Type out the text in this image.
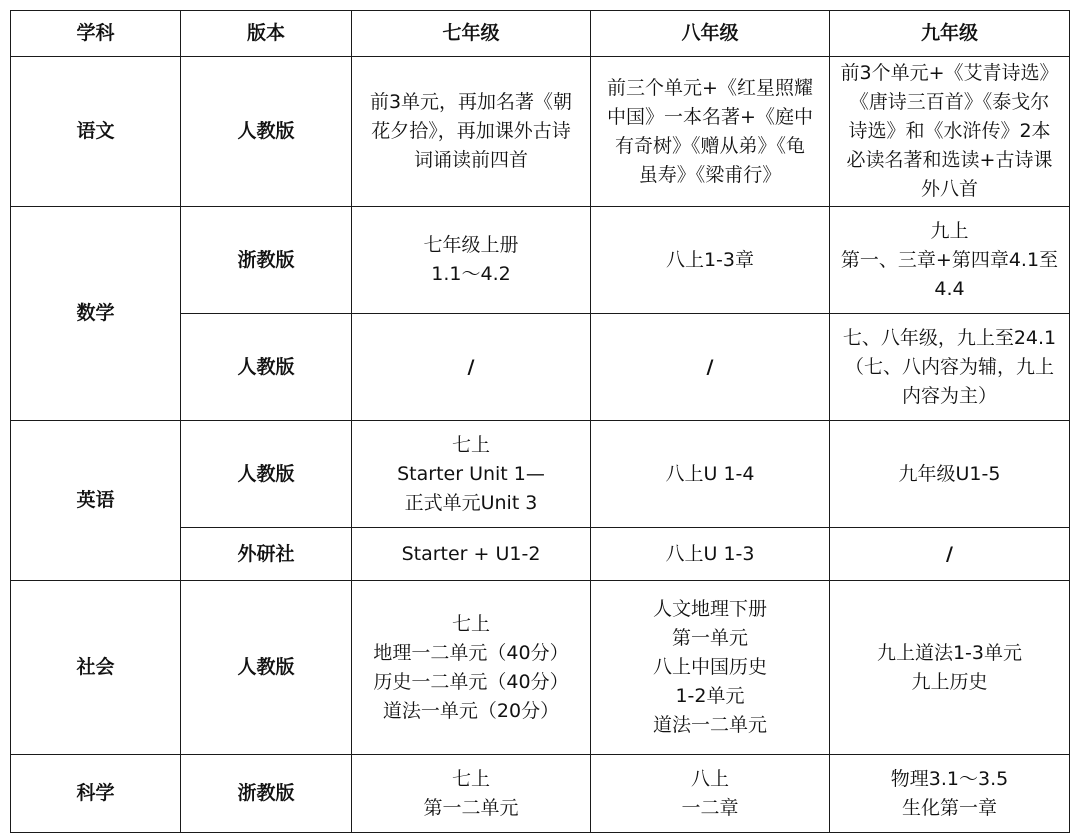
学科	版本	七年级	八年级	九年级
语文	人教版	前3单元，再加名著《朝
花夕拾》，再加课外古诗
词诵读前四首	前三个单元+《红星照耀
中国》一本名著+《庭中
有奇树》《赠从弟》《龟
虽寿》《梁甫行》	前3个单元+《艾青诗选》
《唐诗三百首》《泰戈尔
诗选》和《水浒传》2本
必读名著和选读+古诗课
外八首

数学	浙教版	七年级上册
1.1～4.2	八上1-3章	九上
第一、三章+第四章4.1至
4.4

	人教版	/	/	七、八年级，九上至24.1
（七、八内容为辅，九上
内容为主）

英语	人教版	七上
Starter Unit 1—
正式单元Unit 3	八上U 1-4	九年级U1-5

	外研社	Starter + U1-2	八上U 1-3	/
社会	人教版	七上
地理一二单元（40分）
历史一二单元（40分）
道法一单元（20分）	人文地理下册
第一单元
八上中国历史
1-2单元
道法一二单元	九上道法1-3单元
九上历史

科学	浙教版	七上
第一二单元	八上
一二章	物理3.1～3.5
生化第一章
